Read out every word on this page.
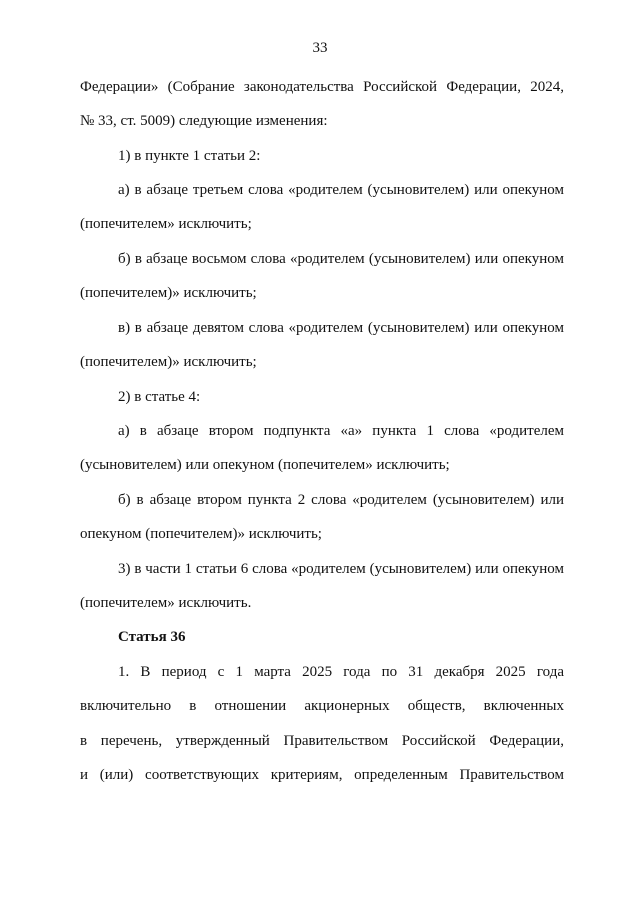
33
Федерации» (Собрание законодательства Российской Федерации, 2024,
№ 33, ст. 5009) следующие изменения:
1) в пункте 1 статьи 2:
а) в абзаце третьем слова «родителем (усыновителем) или опекуном
(попечителем» исключить;
б) в абзаце восьмом слова «родителем (усыновителем) или опекуном
(попечителем)» исключить;
в) в абзаце девятом слова «родителем (усыновителем) или опекуном
(попечителем)» исключить;
2) в статье 4:
а) в абзаце втором подпункта «а» пункта 1 слова «родителем
(усыновителем) или опекуном (попечителем» исключить;
б) в абзаце втором пункта 2 слова «родителем (усыновителем) или
опекуном (попечителем)» исключить;
3) в части 1 статьи 6 слова «родителем (усыновителем) или опекуном
(попечителем» исключить.
Статья 36
1. В период с 1 марта 2025 года по 31 декабря 2025 года
включительно в отношении акционерных обществ, включенных
в перечень, утвержденный Правительством Российской Федерации,
и (или) соответствующих критериям, определенным Правительством
